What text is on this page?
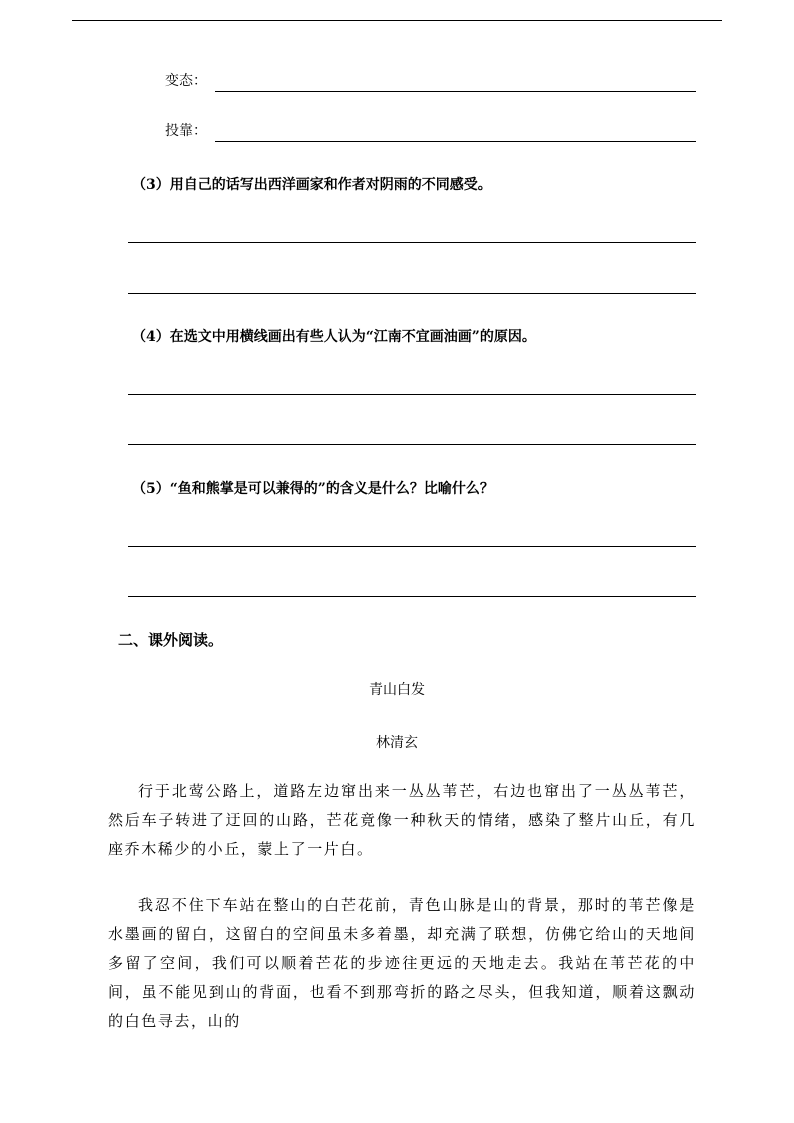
变态：
投靠：
（3）用自己的话写出西洋画家和作者对阴雨的不同感受。
（4）在选文中用横线画出有些人认为“江南不宜画油画”的原因。
（5）“鱼和熊掌是可以兼得的”的含义是什么？比喻什么？
二、课外阅读。
青山白发
林清玄

行于北莺公路上，道路左边窜出来一丛丛苇芒，右边也窜出了一丛丛苇芒，然后车子转进了迂回的山路，芒花竟像一种秋天的情绪，感染了整片山丘，有几座乔木稀少的小丘，蒙上了一片白。

我忍不住下车站在整山的白芒花前，青色山脉是山的背景，那时的苇芒像是水墨画的留白，这留白的空间虽未多着墨，却充满了联想，仿佛它给山的天地间多留了空间，我们可以顺着芒花的步迹往更远的天地走去。我站在苇芒花的中间，虽不能见到山的背面，也看不到那弯折的路之尽头，但我知道，顺着这飘动的白色寻去，山的
